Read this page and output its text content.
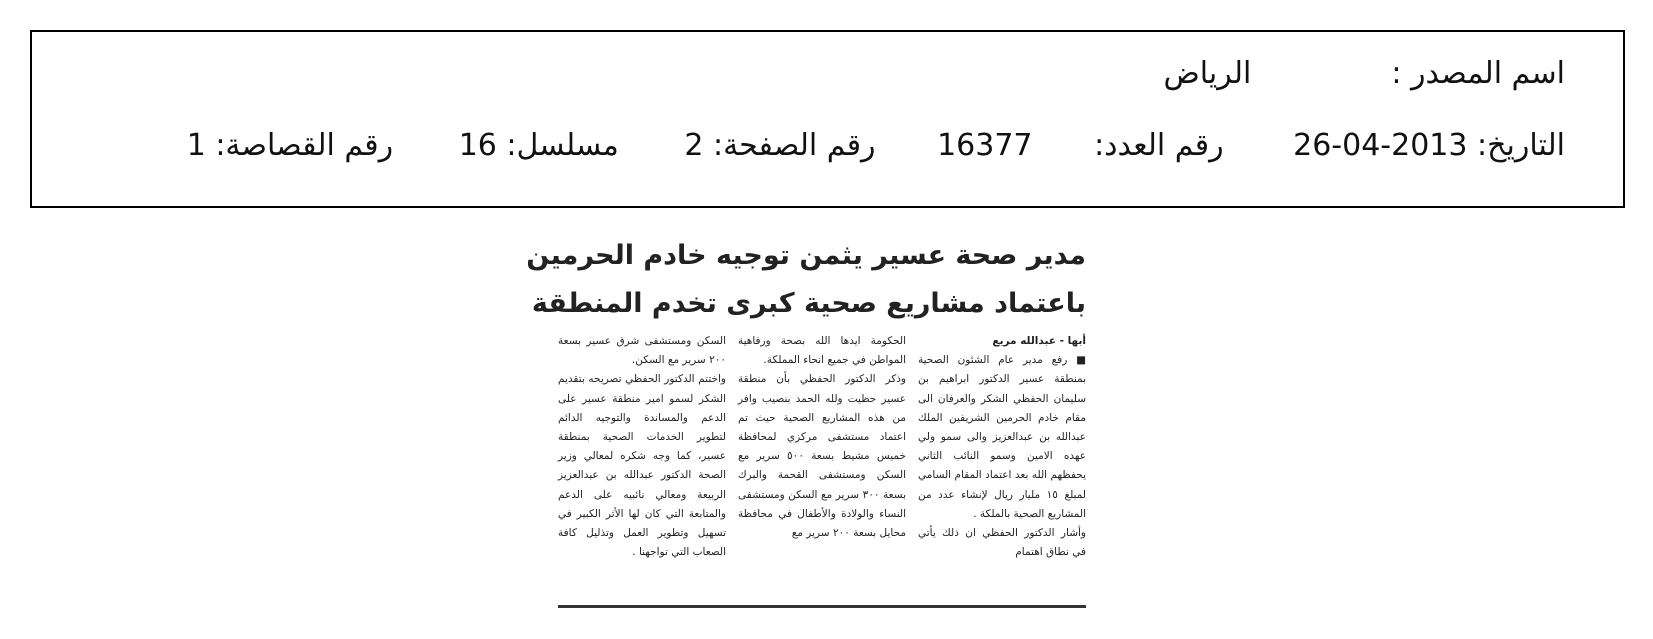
اسم المصدر :الرياض
التاريخ: 26-04-2013 رقم العدد: 16377 رقم الصفحة: 2 مسلسل: 16 رقم القصاصة: 1
مدير صحة عسير يثمن توجيه خادم الحرمين
باعتماد مشاريع صحية كبرى تخدم المنطقة
أبها - عبدالله مريع
■ رفع مدير عام الشئون الصحية بمنطقة عسير الدكتور ابراهيم بن سليمان الحفظي الشكر والعرفان الى مقام خادم الحرمين الشريفين الملك عبدالله بن عبدالعزيز والى سمو ولي عهده الامين وسمو النائب الثاني يحفظهم الله بعد اعتماد المقام السامي لمبلغ ١٥ مليار ريال لإنشاء عدد من المشاريع الصحية بالملكة .
وأشار الدكتور الحفظي ان ذلك يأتي في نطاق اهتمام
الحكومة ايدها الله بصحة ورفاهية المواطن في جميع انحاء المملكة.
وذكر الدكتور الحفظي بأن منطقة عسير حظيت ولله الحمد بنصيب وافر من هذه المشاريع الصحية حيث تم اعتماد مستشفى مركزي لمحافظة خميس مشيط بسعة ٥٠٠ سرير مع السكن ومستشفى القحمة والبرك بسعة ٣٠٠ سرير مع السكن ومستشفى النساء والولادة والأطفال في محافظة محايل بسعة ٢٠٠ سرير مع
السكن ومستشفى شرق عسير بسعة ٢٠٠ سرير مع السكن.
واختتم الدكتور الحفظي تصريحه بتقديم الشكر لسمو امير منطقة عسير على الدعم والمساندة والتوجيه الدائم لتطوير الخدمات الصحية بمنطقة عسير، كما وجه شكره لمعالي وزير الصحة الدكتور عبدالله بن عبدالعزيز الربيعة ومعالي نائبيه على الدعم والمتابعة التي كان لها الأثر الكبير في تسهيل وتطوير العمل وتذليل كافة الصعاب التي تواجهنا .
